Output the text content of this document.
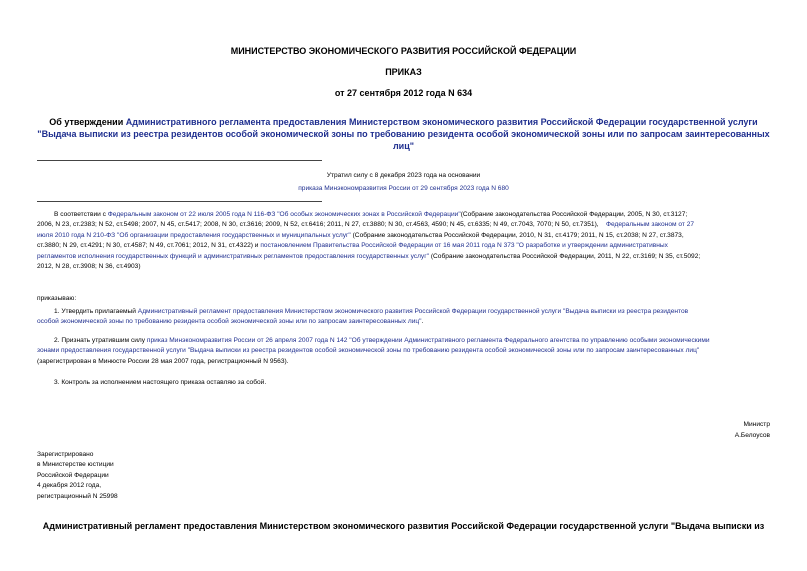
МИНИСТЕРСТВО ЭКОНОМИЧЕСКОГО РАЗВИТИЯ РОССИЙСКОЙ ФЕДЕРАЦИИ
ПРИКАЗ
от 27 сентября 2012 года N 634
Об утверждении Административного регламента предоставления Министерством экономического развития Российской Федерации государственной услуги
"Выдача выписки из реестра резидентов особой экономической зоны по требованию резидента особой экономической зоны или по запросам заинтересованных
лиц"
Утратил силу с 8 декабря 2023 года на основании
приказа Минэкономразвития России от 29 сентября 2023 года N 680
В соответствии с Федеральным законом от 22 июля 2005 года N 116-ФЗ "Об особых экономических зонах в Российской Федерации"(Собрание законодательства Российской Федерации, 2005, N 30, ст.3127;
2006, N 23, ст.2383; N 52, ст.5498; 2007, N 45, ст.5417; 2008, N 30, ст.3616; 2009, N 52, ст.6416; 2011, N 27, ст.3880; N 30, ст.4563, 4590; N 45, ст.6335; N 49, ст.7043, 7070; N 50, ст.7351), Федеральным законом от 27
июля 2010 года N 210-ФЗ "Об организации предоставления государственных и муниципальных услуг" (Собрание законодательства Российской Федерации, 2010, N 31, ст.4179; 2011, N 15, ст.2038; N 27, ст.3873,
ст.3880; N 29, ст.4291; N 30, ст.4587; N 49, ст.7061; 2012, N 31, ст.4322) и постановлением Правительства Российской Федерации от 16 мая 2011 года N 373 "О разработке и утверждении административных
регламентов исполнения государственных функций и административных регламентов предоставления государственных услуг" (Собрание законодательства Российской Федерации, 2011, N 22, ст.3169; N 35, ст.5092;
2012, N 28, ст.3908; N 36, ст.4903)
приказываю:
1. Утвердить прилагаемый Административный регламент предоставления Министерством экономического развития Российской Федерации государственной услуги "Выдача выписки из реестра резидентов
особой экономической зоны по требованию резидента особой экономической зоны или по запросам заинтересованных лиц".
2. Признать утратившим силу приказ Минэкономразвития России от 26 апреля 2007 года N 142 "Об утверждении Административного регламента Федерального агентства по управлению особыми экономическими
зонами предоставления государственной услуги "Выдача выписки из реестра резидентов особой экономической зоны по требованию резидента особой экономической зоны или по запросам заинтересованных лиц"
(зарегистрирован в Минюсте России 28 мая 2007 года, регистрационный N 9563).
3. Контроль за исполнением настоящего приказа оставляю за собой.
Министр
А.Белоусов
Зарегистрировано
в Министерстве юстиции
Российской Федерации
4 декабря 2012 года,
регистрационный N 25998
Административный регламент предоставления Министерством экономического развития Российской Федерации государственной услуги "Выдача выписки из
